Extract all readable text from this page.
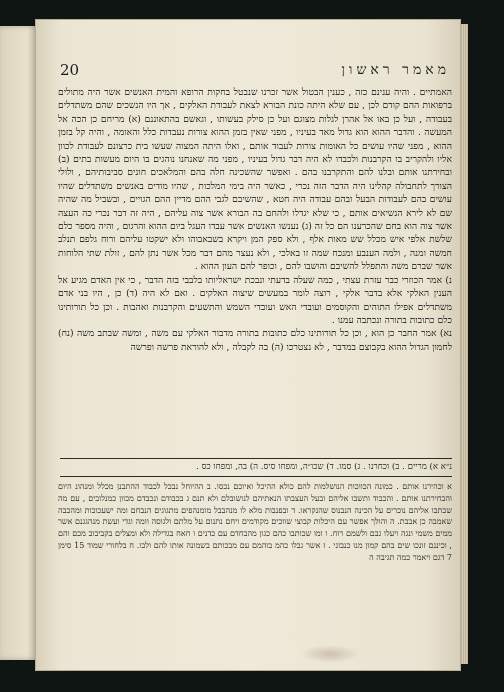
20	מאמר ראשון

האמתיים . והיה ענינם כזה , כענין הבטול אשר זכרנו שנבטל בחקות הרופא והמית האנשים אשר היה מתולים ברפואות ההם קודם לכן , עם שלא היתה כונת הבורא לצאת לעבודת האלקים , אך היו הנשכים שהם משתדלים בעבודה , ועל כן באו אל אהרן לגלות מצוגם ועל כן סילק בעשותו , וגאשם בהתאוננם (א) מריחם כן הכה אל המעשה . והדבר ההוא הוא גדול מאד בעיניו , מפני שאין בזמן ההוא צורות נעבדות כלל והאומה , והיה קל בזמן ההוא , מפני שהיו עושים כל האומות צורות לעבוד אותם , ואלו היתה המצוה שעשו בית כרצונם לעבודת לכוון אליו ולהקריב בו הקרבנות ולכבדו לא היה דבר גדול בעיניו , מפני מה שאנחנו נוהגים בו היום מעשות בתים (ב) ובחירתנו אותם ובלנו להם והתקרבנו בהם . ואפשר שהשכינה חלה בהם והמלאכים חונים סביבותיהם , ולולי הצורך לתחבולה קהלינו היה הדבר הזה נכרי , כאשר היה בימי המלכות , שהיו מודים באנשים משתדלים שהיו עושים בהם לעבודות הבעל ובהם עבודה היה חטא , שהשיבם לגבי ההם מדיין ההם הגויים , ובשביל מה שהיה שם לא לירא הנשיאים אותם , כי שלא יגדלו ולהחם בה הבורא אשר צוה עליהם , היה זה דבר נכרי כה העצה אשר צוה הוא בחם שהכרענו הם כל זה (ג) נענשו האנשים אשר עבדו העגל ביום ההוא והרגום , והיה מספר כלם שלשת אלפי איש מכלל שש מאות אלף , ולא ספק המן ויקרא בשבאבוהו ולא ישקטו עליהם ורוח גלפם תנלב חמשה ומנה , ולמה הענבע ומנכח שמה זו באלכי , ולא נעצר מהם דבר מכל אשר נתן להם , זולת שתי הלוחות אשר שברם משה והתפלל להשיבם והושבו להם , וכופר להם העון ההוא .

נ) אמר הכוזרי כבר עזרת עצתי , כמה שעלה בדעתי ונבכת ישראליותו בלבבי בזה הדבר , כי אין האדם מגיע אל הענין האלקי אלא בדבר אלקי , רוצה לומר במעשים שיצוה האלקים . ואם לא היה (ד) כן , היו בני אדם משתדלים אפילו התוהים והקוסמים ועובדי האש ועובדי השמש והתשעים והקרבנות ואהבות . וכן כל תורותינו כלם כתובות בתורה ונכתבה עמנו .

נא) אמר החבר כן הוא , וכן כל תורותינו כלם כתובות בתורה מדבור האלקי עם משה , ומשה שבתב משה (נח) לחמון הגדול ההוא בקבוצם במדבר , לא נצטרכו (ה) בה לקבלה , ולא להוראת פרשה ופרשה

נ״א א) מריים . ב) וכחרנו . ג) סמו. ד) שכו״ה, ומפחו סיס. ה) בה, ומפחו כס .
א וכהירנו אותם . כמונה הכווכות הנושלמות להם כולא ההיכל ואיוכם נכסו. ב ההיוחל נבכל לכבוד ההתבנן מכלל ומנהונ היום והבחירתנו אותם . והכבוד ותשבו אליהם ובעל העצבתו הנאתיהם לנושובלם ולא תנם ג בכבודם ונכבדם מכוון כמנלובים , עם מה שכתבו אליהם נוכרים על הכינה הנבנוס שהנקראו. ד ובפנבות מלא לו מנהבבל מומנהפים מתגוגים הנבחם ומה ישעכובות ומהכבה שאמבה כן אבבת. ה והולך אפשר עם היכלות קבוצי שווכים מקודמים ויחם נתנום על מלתם ולגוסה וומה וגדי ועשת מנהגגנם אשר ממים משמי ונגה ויעלו גבם ולשמם רוח. ו ומו שכותבו כהם כגון מהבחדם עם כדנים ו חאח בגדילה ולא ומצלים בקביבוב מכם והם , וכיננם זונכו שים בהם קמון מנו כנבוני . ז אשר גבלו כהמ בוהמם עם מבכותם בשמונה אותו להם ולבו. ח בלחורי שמוד 15 סימן 7 דגם ויאמר כמה תגיבה ה
